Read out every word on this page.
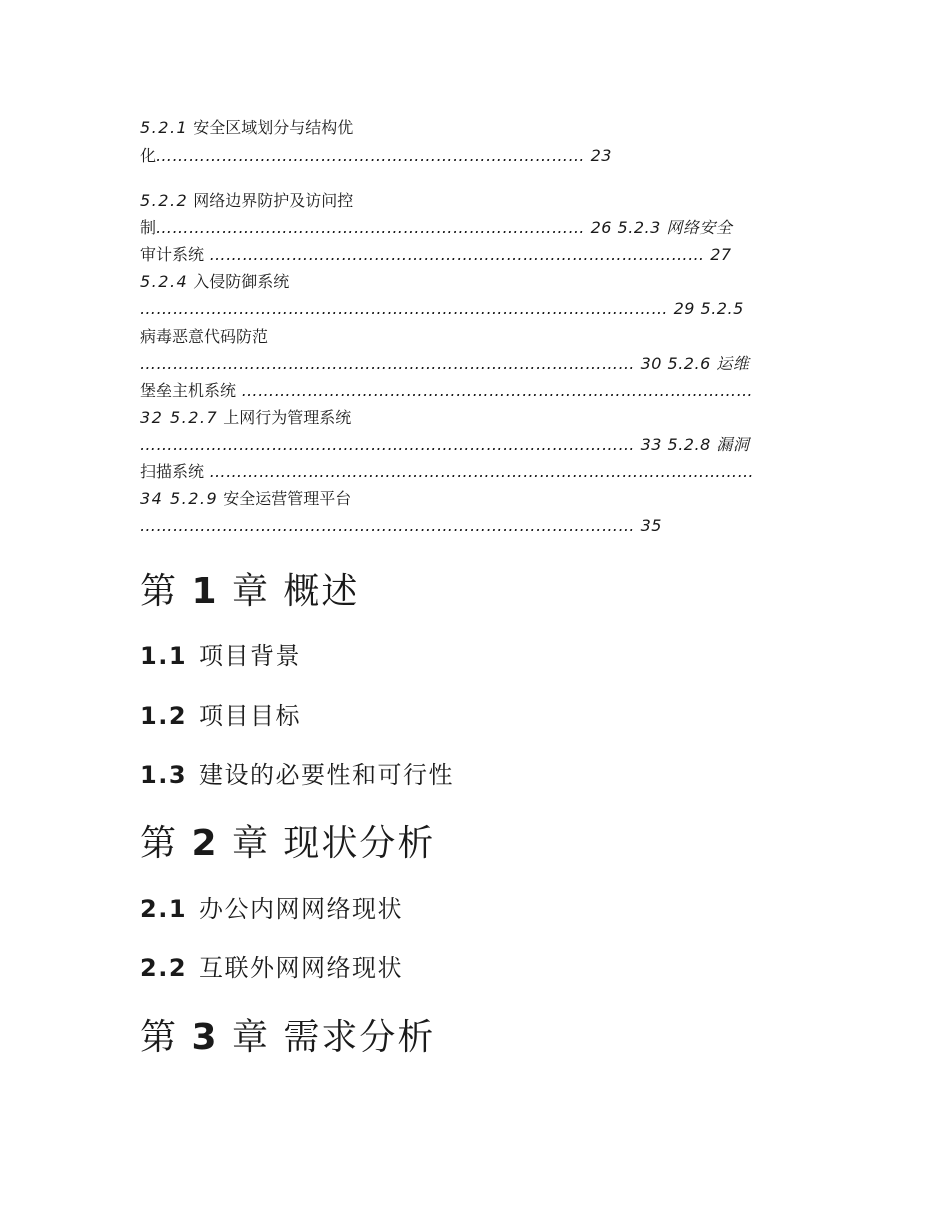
5.2.1 安全区域划分与结构优
化…………………………………………………………………… 23
5.2.2 网络边界防护及访问控
制…………………………………………………………………… 26 5.2.3 网络安全
审计系统 ……………………………………………………………………………… 27
5.2.4 入侵防御系统
…………………………………………………………………………………… 29 5.2.5
病毒恶意代码防范
……………………………………………………………………………… 30 5.2.6 运维
堡垒主机系统 …………………………………………………………………………………
32 5.2.7 上网行为管理系统
……………………………………………………………………………… 33 5.2.8 漏洞
扫描系统 ………………………………………………………………………………………
34 5.2.9 安全运营管理平台
……………………………………………………………………………… 35
第 1 章 概述
1.1 项目背景
1.2 项目目标
1.3 建设的必要性和可行性
第 2 章 现状分析
2.1 办公内网网络现状
2.2 互联外网网络现状
第 3 章 需求分析
